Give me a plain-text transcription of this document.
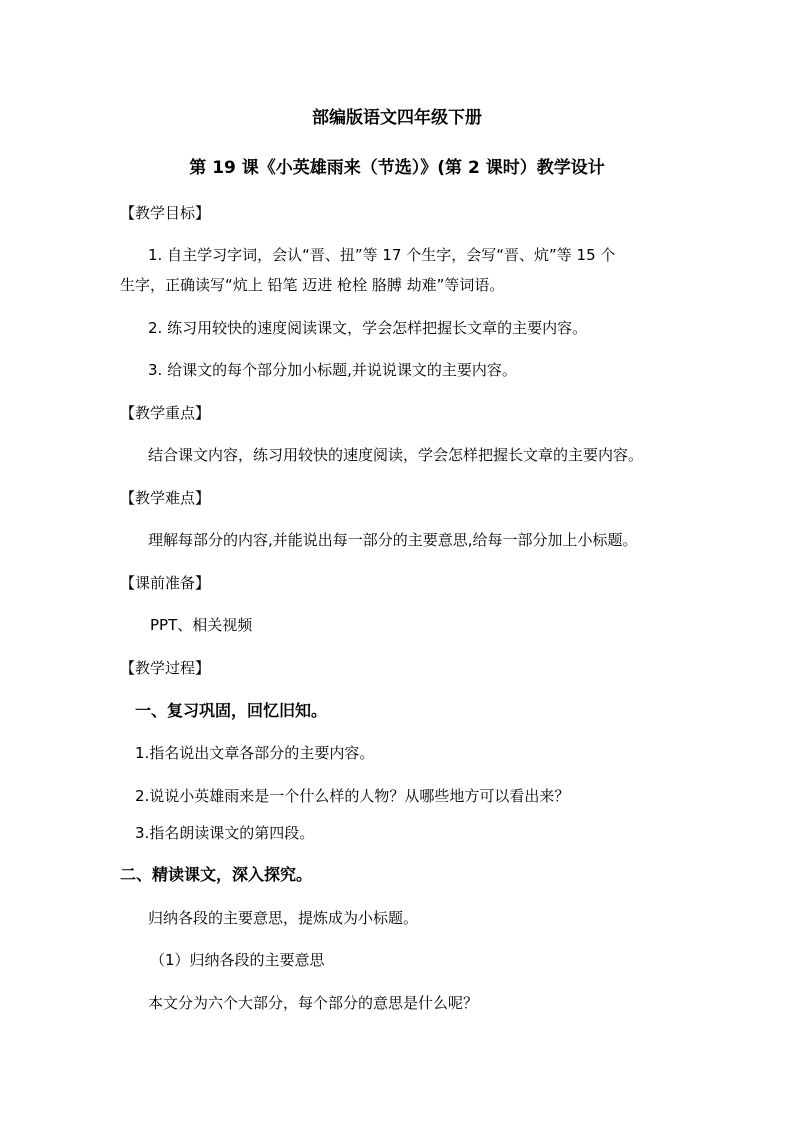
部编版语文四年级下册
第 19 课《小英雄雨来（节选）》(第 2 课时）教学设计
【教学目标】
1. 自主学习字词，会认“晋、扭”等 17 个生字，会写“晋、炕”等 15 个
生字，正确读写“炕上 铅笔 迈进 枪栓 胳膊 劫难”等词语。
2. 练习用较快的速度阅读课文，学会怎样把握长文章的主要内容。
3. 给课文的每个部分加小标题,并说说课文的主要内容。
【教学重点】
结合课文内容，练习用较快的速度阅读，学会怎样把握长文章的主要内容。
【教学难点】
理解每部分的内容,并能说出每一部分的主要意思,给每一部分加上小标题。
【课前准备】
PPT、相关视频
【教学过程】
一、复习巩固，回忆旧知。
1.指名说出文章各部分的主要内容。
2.说说小英雄雨来是一个什么样的人物？从哪些地方可以看出来？
3.指名朗读课文的第四段。
二、精读课文，深入探究。
归纳各段的主要意思，提炼成为小标题。
（1）归纳各段的主要意思
本文分为六个大部分，每个部分的意思是什么呢？
